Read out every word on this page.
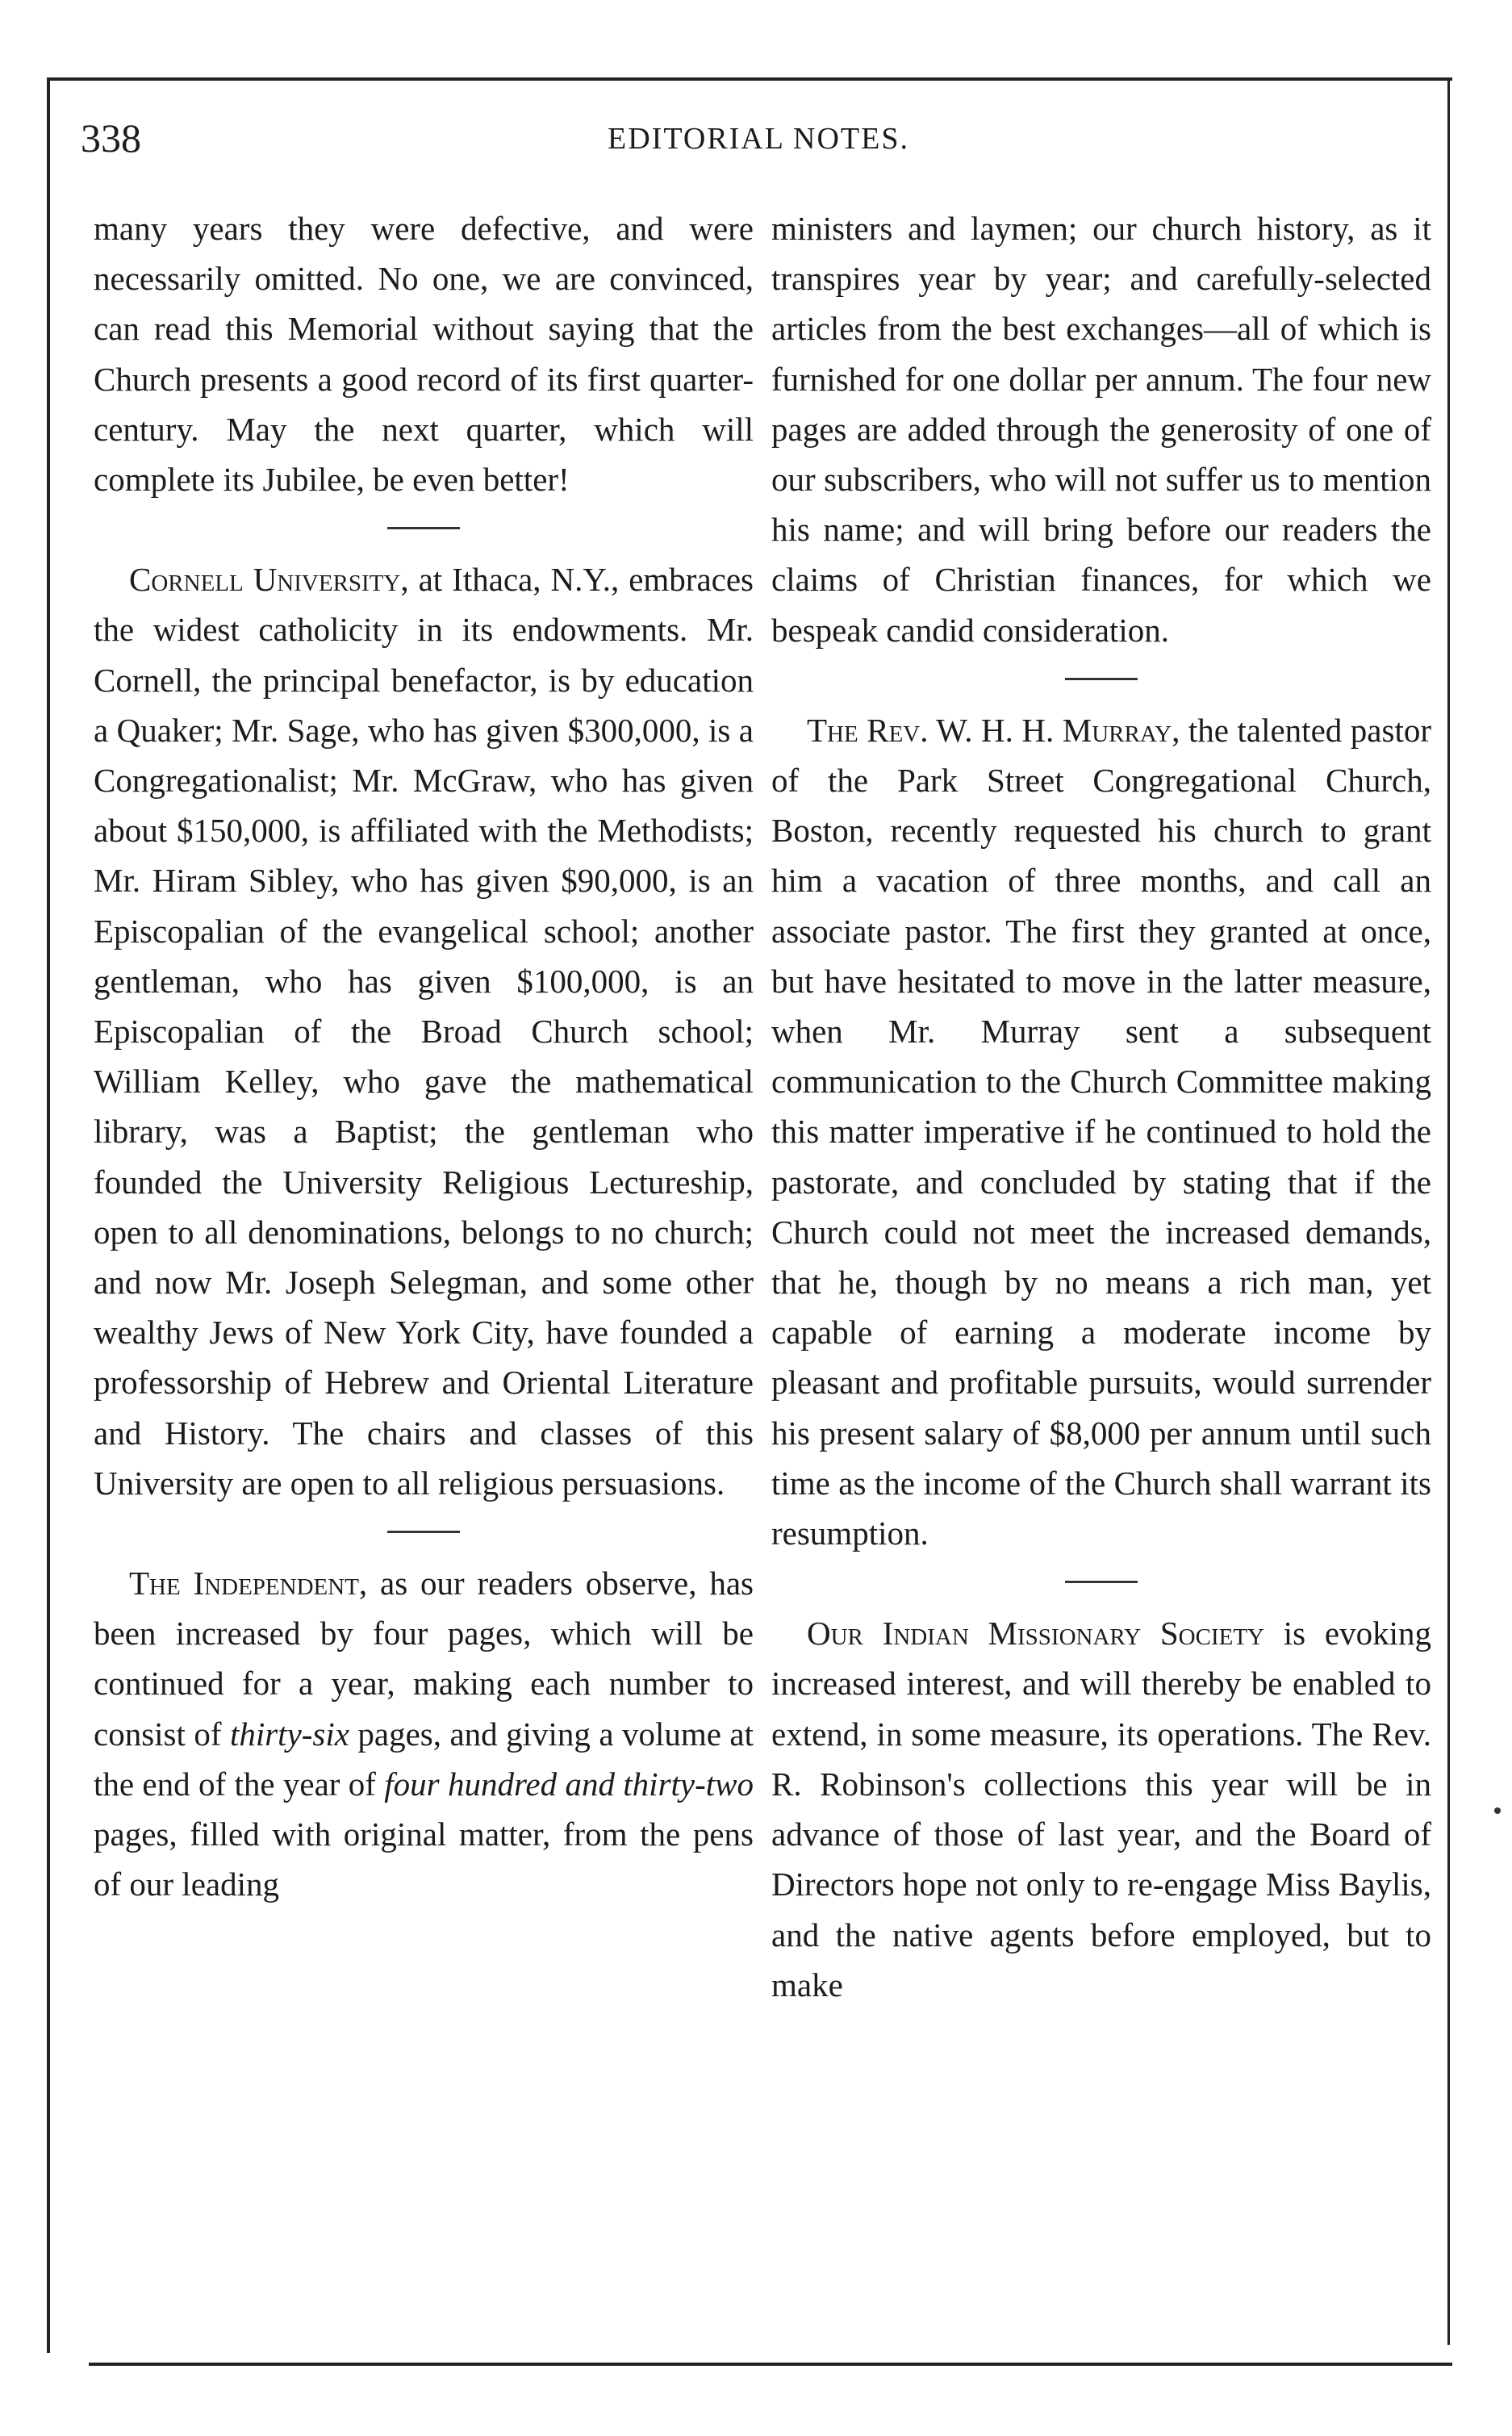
338	EDITORIAL NOTES.

many years they were defective, and were necessarily omitted. No one, we are convinced, can read this Memorial without saying that the Church presents a good record of its first quarter-century. May the next quarter, which will complete its Jubilee, be even better!

Cornell University, at Ithaca, N.Y., embraces the widest catholicity in its endowments. Mr. Cornell, the principal benefactor, is by education a Quaker; Mr. Sage, who has given $300,000, is a Congregationalist; Mr. McGraw, who has given about $150,000, is affiliated with the Methodists; Mr. Hiram Sibley, who has given $90,000, is an Episcopalian of the evangelical school; another gentleman, who has given $100,000, is an Episcopalian of the Broad Church school; William Kelley, who gave the mathematical library, was a Baptist; the gentleman who founded the University Religious Lectureship, open to all denominations, belongs to no church; and now Mr. Joseph Selegman, and some other wealthy Jews of New York City, have founded a professorship of Hebrew and Oriental Literature and History. The chairs and classes of this University are open to all religious persuasions.

The Independent, as our readers observe, has been increased by four pages, which will be continued for a year, making each number to consist of thirty-six pages, and giving a volume at the end of the year of four hundred and thirty-two pages, filled with original matter, from the pens of our leading

ministers and laymen; our church history, as it transpires year by year; and carefully-selected articles from the best exchanges—all of which is furnished for one dollar per annum. The four new pages are added through the generosity of one of our subscribers, who will not suffer us to mention his name; and will bring before our readers the claims of Christian finances, for which we bespeak candid consideration.

The Rev. W. H. H. Murray, the talented pastor of the Park Street Congregational Church, Boston, recently requested his church to grant him a vacation of three months, and call an associate pastor. The first they granted at once, but have hesitated to move in the latter measure, when Mr. Murray sent a subsequent communication to the Church Committee making this matter imperative if he continued to hold the pastorate, and concluded by stating that if the Church could not meet the increased demands, that he, though by no means a rich man, yet capable of earning a moderate income by pleasant and profitable pursuits, would surrender his present salary of $8,000 per annum until such time as the income of the Church shall warrant its resumption.

Our Indian Missionary Society is evoking increased interest, and will thereby be enabled to extend, in some measure, its operations. The Rev. R. Robinson's collections this year will be in advance of those of last year, and the Board of Directors hope not only to re-engage Miss Baylis, and the native agents before employed, but to make
